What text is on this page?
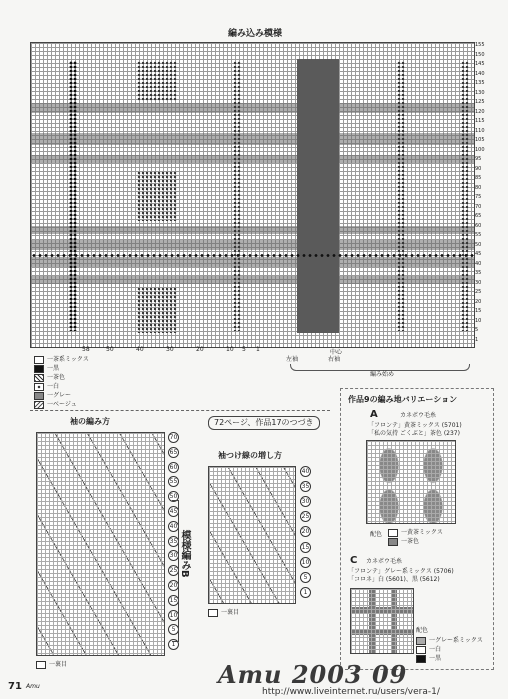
編み込み模様
1
5
10
15
20
25
30
35
40
45
50
55
60
65
70
75
80
85
90
95
100
105
110
115
120
125
130
135
140
145
150
155
58	50	40	30	20	10 5 1
左袖
中心
右袖
編み始め
一茶系ミックス
一黒
一茶色
一白
一グレー
一ベージュ
袖の編み方
70
65
60
55
50
45
40
35
30
25
20
15
10
5
1
模様編みB
一裏目
72ページ、作品17のつづき
袖つけ線の増し方
40
35
30
25
20
15
10
5
1
一裏目
作品9の編み地バリエーション
A	カネボウ毛糸
「フロンテ」黄茶ミックス (5701)
「私の気持 ごくぶと」茶色 (237)
配色	一黄茶ミックス
一茶色
C カネボウ毛糸
「フロンテ」グレー系ミックス (5706)
「コロネ」白 (5601)、黒 (5612)
配色
一グレー系ミックス
一白
一黒
71 Amu	Amu 2003 09
http://www.liveinternet.ru/users/vera-1/
